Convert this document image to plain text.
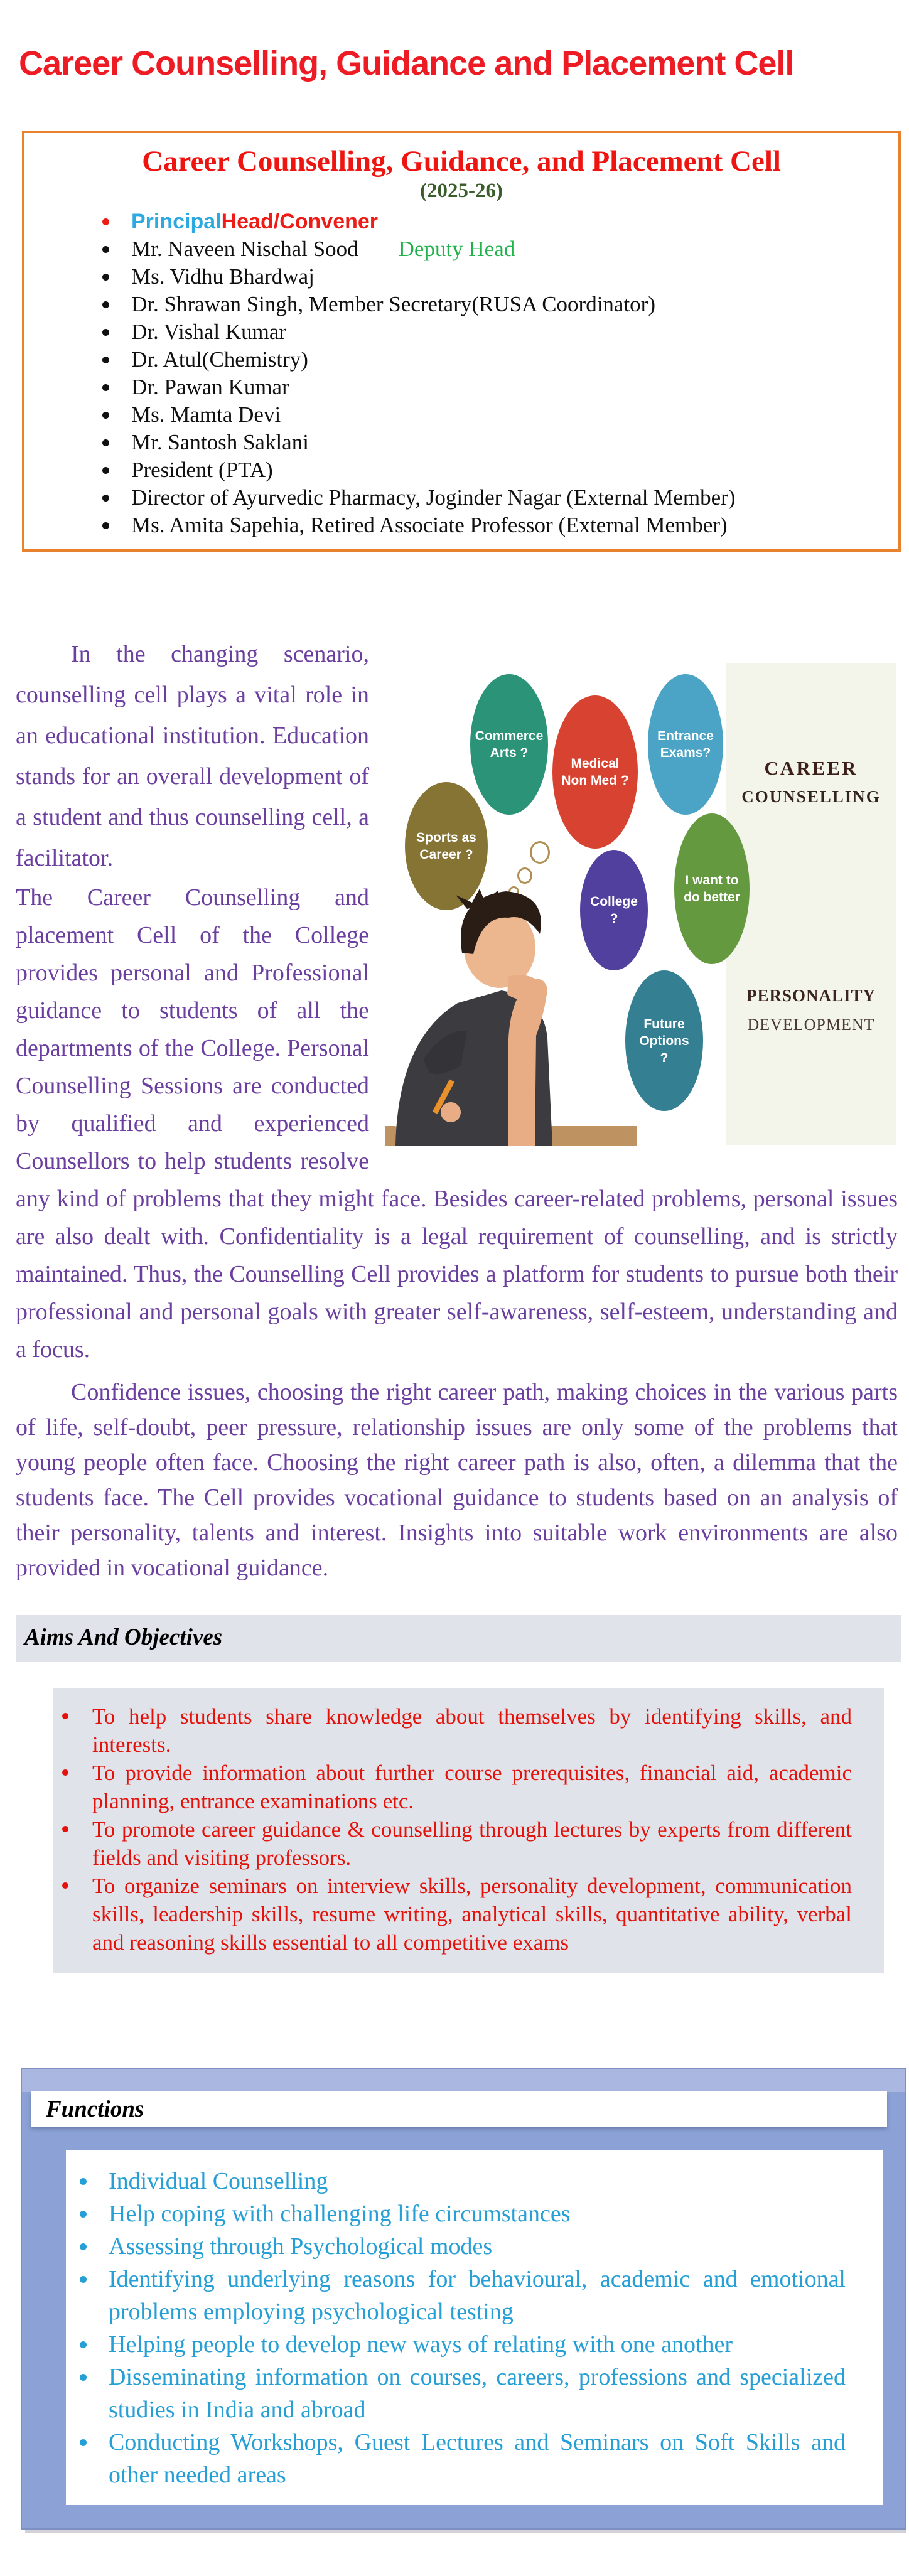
Career Counselling, Guidance and Placement Cell
Career Counselling, Guidance, and Placement Cell
(2025-26)
PrincipalHead/Convener
Mr. Naveen Nischal Sood Deputy Head
Ms. Vidhu Bhardwaj
Dr. Shrawan Singh, Member Secretary(RUSA Coordinator)
Dr. Vishal Kumar
Dr. Atul(Chemistry)
Dr. Pawan Kumar
Ms. Mamta Devi
Mr. Santosh Saklani
President (PTA)
Director of Ayurvedic Pharmacy, Joginder Nagar (External Member)
Ms. Amita Sapehia, Retired Associate Professor (External Member)
CAREER
COUNSELLING
PERSONALITY
DEVELOPMENT
Sports as Career ?
Commerce Arts ?
Medical Non Med ?
Entrance Exams?
College ?
I want to do better
Future Options ?

In the changing scenario, counselling cell plays a vital role in an educational institution. Education stands for an overall development of a student and thus counselling cell, a facilitator.

The Career Counselling and placement Cell of the College provides personal and Professional guidance to students of all the departments of the College. Personal Counselling Sessions are conducted by qualified and experienced Counsellors to help students resolve any kind of problems that they might face. Besides career-related problems, personal issues are also dealt with. Confidentiality is a legal requirement of counselling, and is strictly maintained. Thus, the Counselling Cell provides a platform for students to pursue both their professional and personal goals with greater self-awareness, self-esteem, understanding and a focus.

Confidence issues, choosing the right career path, making choices in the various parts of life, self-doubt, peer pressure, relationship issues are only some of the problems that young people often face. Choosing the right career path is also, often, a dilemma that the students face. The Cell provides vocational guidance to students based on an analysis of their personality, talents and interest. Insights into suitable work environments are also provided in vocational guidance.

Aims And Objectives
To help students share knowledge about themselves by identifying skills, and interests.
To provide information about further course prerequisites, financial aid, academic planning, entrance examinations etc.
To promote career guidance & counselling through lectures by experts from different fields and visiting professors.
To organize seminars on interview skills, personality development, communication skills, leadership skills, resume writing, analytical skills, quantitative ability, verbal and reasoning skills essential to all competitive exams
Functions
Individual Counselling
Help coping with challenging life circumstances
Assessing through Psychological modes
Identifying underlying reasons for behavioural, academic and emotional problems employing psychological testing
Helping people to develop new ways of relating with one another
Disseminating information on courses, careers, professions and specialized studies in India and abroad
Conducting Workshops, Guest Lectures and Seminars on Soft Skills and other needed areas
